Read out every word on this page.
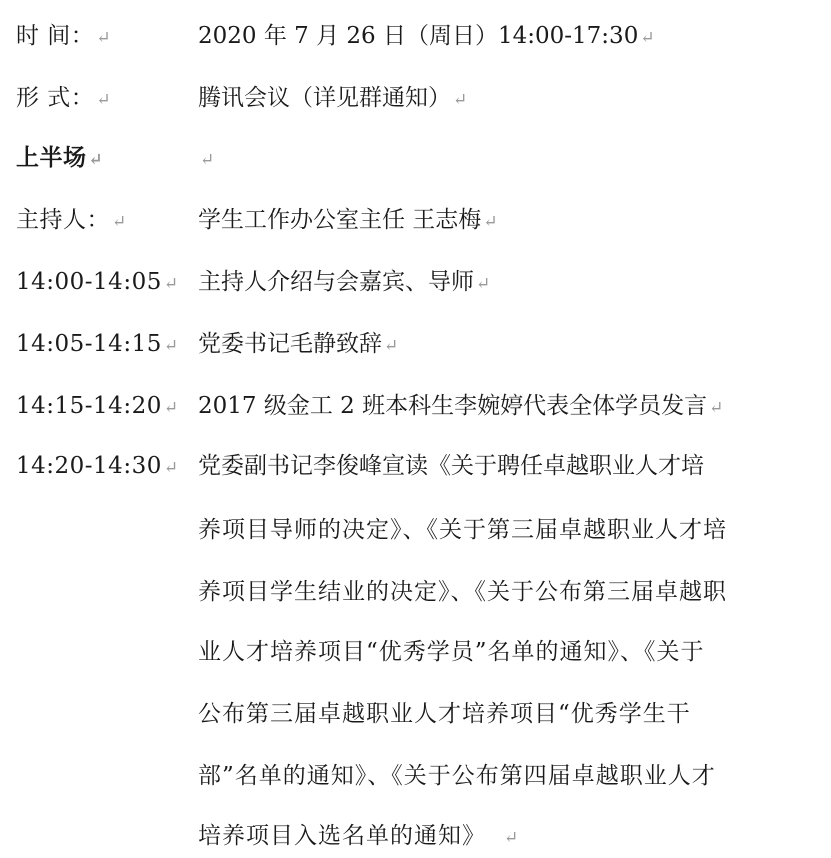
时 间： ↵	2020 年 7 月 26 日（周日）14:00-17:30 ↵
形 式： ↵	腾讯会议（详见群通知） ↵
上半场 ↵	↵
主持人： ↵	学生工作办公室主任 王志梅 ↵
14:00-14:05 ↵ 主持人介绍与会嘉宾、导师 ↵
14:05-14:15 ↵ 党委书记毛静致辞 ↵
14:15-14:20 ↵ 2017 级金工 2 班本科生李婉婷代表全体学员发言 ↵
14:20-14:30 ↵ 党委副书记李俊峰宣读《关于聘任卓越职业人才培
养项目导师的决定》、《关于第三届卓越职业人才培
养项目学生结业的决定》、《关于公布第三届卓越职
业人才培养项目“优秀学员”名单的通知》、《关于
公布第三届卓越职业人才培养项目“优秀学生干
部”名单的通知》、《关于公布第四届卓越职业人才
培养项目入选名单的通知》 ↵
